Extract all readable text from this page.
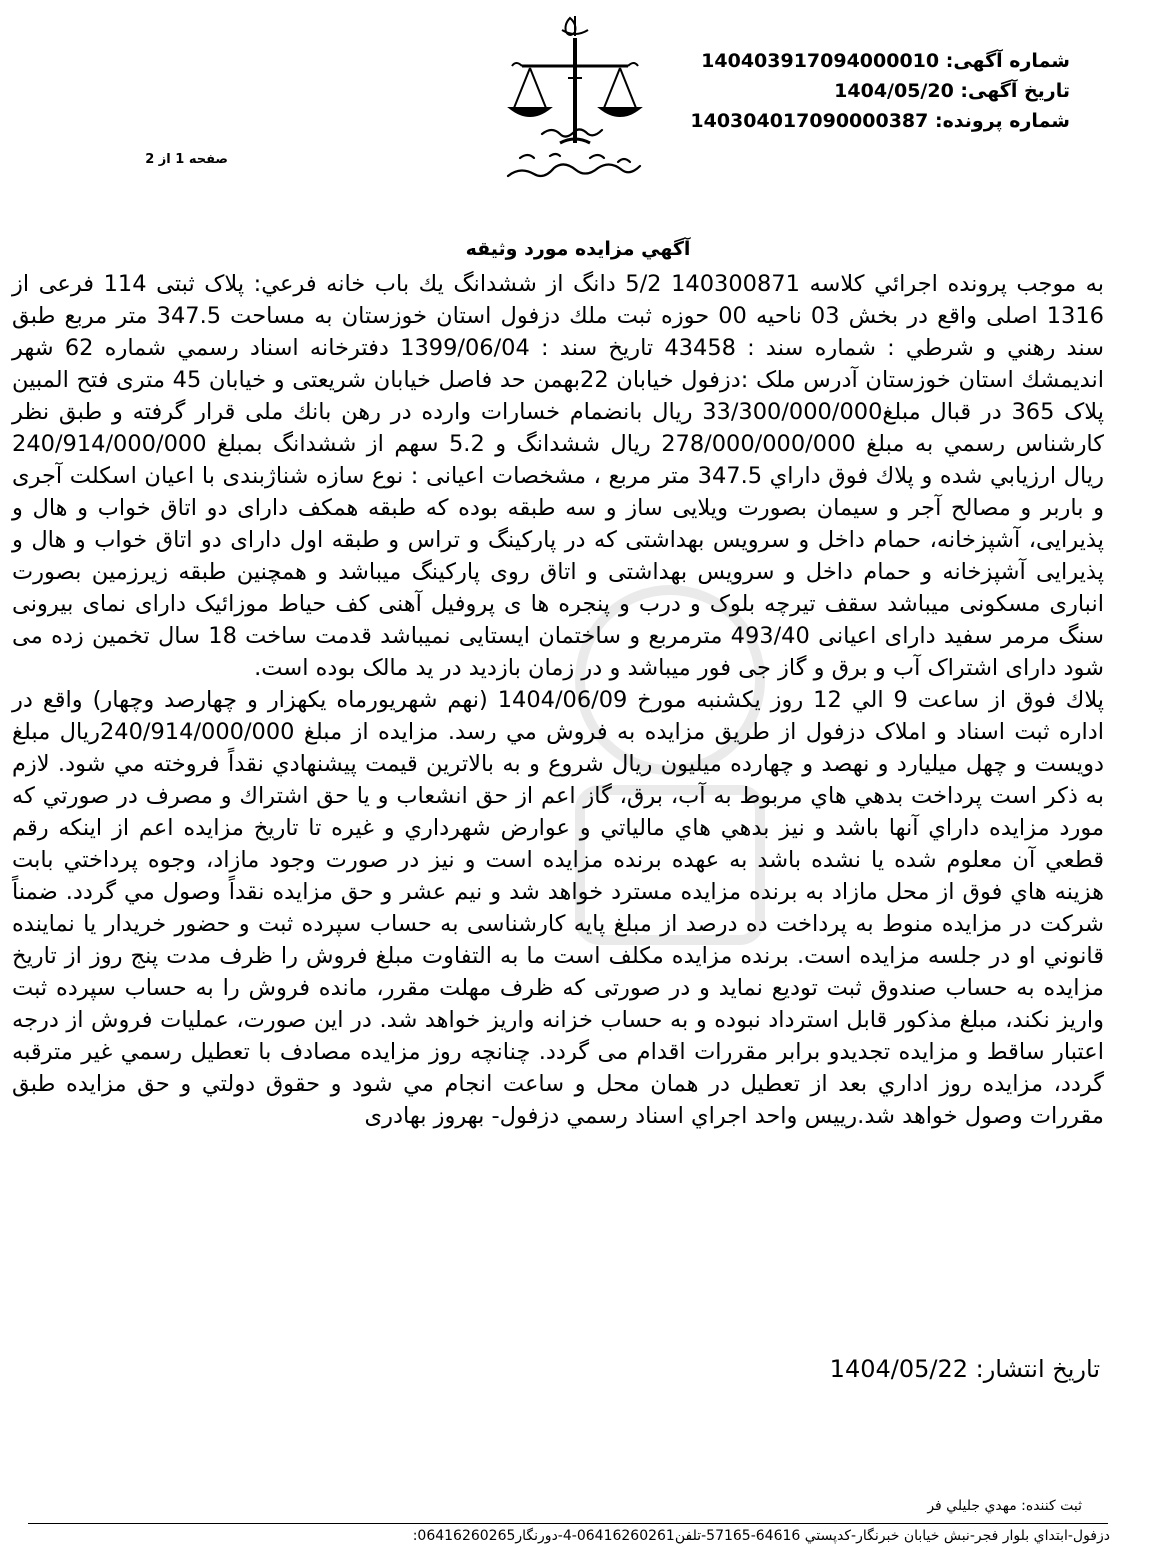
شماره آگهی: 14040391709400001​0
تاریخ آگهی: 1404/05/20
شماره پرونده: 140304017090000387
صفحه 1 از 2
آگهي مزايده مورد وثيقه

به موجب پرونده اجرائي كلاسه 140300871 5/2 دانگ از ششدانگ يك باب خانه فرعي: پلاک ثبتی 114 فرعی از 1316 اصلی واقع در بخش 03 ناحیه 00 حوزه ثبت ملك دزفول استان خوزستان به مساحت 347.5 متر مربع طبق سند رهني و شرطي : شماره سند : 43458 تاريخ سند : 1399/06/04 دفترخانه اسناد رسمي شماره 62 شهر انديمشك استان خوزستان آدرس ملک :دزفول خیابان 22بهمن حد فاصل خیابان شریعتی و خیابان 45 متری فتح المبین پلاک 365 در قبال مبلغ33/300/000/000 ريال بانضمام خسارات وارده در رهن بانك ملی قرار گرفته و طبق نظر کارشناس رسمي به مبلغ 278/000/000/000 ريال ششدانگ و 5.2 سهم از ششدانگ بمبلغ 240/914/000/000 ريال ارزيابي شده و پلاك فوق داراي 347.5 متر مربع ، مشخصات اعیانی : نوع سازه شناژبندی با اعیان اسکلت آجری و باربر و مصالح آجر و سیمان بصورت ویلایی ساز و سه طبقه بوده که طبقه همکف دارای دو اتاق خواب و هال و پذیرایی، آشپزخانه، حمام داخل و سرویس بهداشتی که در پارکینگ و تراس و طبقه اول دارای دو اتاق خواب و هال و پذیرایی آشپزخانه و حمام داخل و سرویس بهداشتی و اتاق روی پارکینگ میباشد و همچنین طبقه زیرزمین بصورت انباری مسکونی میباشد سقف تیرچه بلوک و درب و پنجره ها ی پروفیل آهنی کف حیاط موزائیک دارای نمای بیرونی سنگ مرمر سفید دارای اعیانی 493/40 مترمربع و ساختمان ایستایی نمیباشد قدمت ساخت 18 سال تخمین زده می شود دارای اشتراک آب و برق و گاز جی فور میباشد و در زمان بازدید در ید مالک بوده است.

پلاك فوق از ساعت 9 الي 12 روز يكشنبه مورخ 1404/06/09 (نهم شهریورماه یکهزار و چهارصد وچهار) واقع در اداره ثبت اسناد و املاک دزفول از طريق مزايده به فروش مي رسد. مزايده از مبلغ 240/914/000/000ريال مبلغ دویست و چهل میلیارد و نهصد و چهارده میلیون ريال شروع و به بالاترين قيمت پيشنهادي نقداً فروخته مي شود. لازم به ذكر است پرداخت بدهي هاي مربوط به آب، برق، گاز اعم از حق انشعاب و يا حق اشتراك و مصرف در صورتي كه مورد مزايده داراي آنها باشد و نيز بدهي هاي مالياتي و عوارض شهرداري و غيره تا تاريخ مزايده اعم از اينكه رقم قطعي آن معلوم شده يا نشده باشد به عهده برنده مزايده است و نيز در صورت وجود مازاد، وجوه پرداختي بابت هزينه هاي فوق از محل مازاد به برنده مزايده مسترد خواهد شد و نيم عشر و حق مزايده نقداً وصول مي گردد. ضمناً شركت در مزايده منوط به پرداخت ده درصد از مبلغ پایه کارشناسی به حساب سپرده ثبت و حضور خريدار يا نماينده قانوني او در جلسه مزايده است. برنده مزایده مکلف است ما به التفاوت مبلغ فروش را ظرف مدت پنج روز از تاریخ مزایده به حساب صندوق ثبت توديع نمايد و در صورتی که ظرف مهلت مقرر، مانده فروش را به حساب سپرده ثبت واریز نکند، مبلغ مذكور قابل استرداد نبوده و به حساب خزانه واريز خواهد شد. در اين صورت، عملیات فروش از درجه اعتبار ساقط و مزايده تجديدو برابر مقررات اقدام مى گردد. چنانچه روز مزايده مصادف با تعطيل رسمي غير مترقبه گردد، مزايده روز اداري بعد از تعطيل در همان محل و ساعت انجام مي شود و حقوق دولتي و حق مزايده طبق مقررات وصول خواهد شد.رييس واحد اجراي اسناد رسمي دزفول- بهروز بهادری

تاریخ انتشار: 1404/05/22
ثبت كننده: مهدي جليلي فر
دزفول-ابتداي بلوار فجر-نبش خيابان خبرنگار-كدپستي 64616-57165-تلفن06416260261-4-دورنگار06416260265:
